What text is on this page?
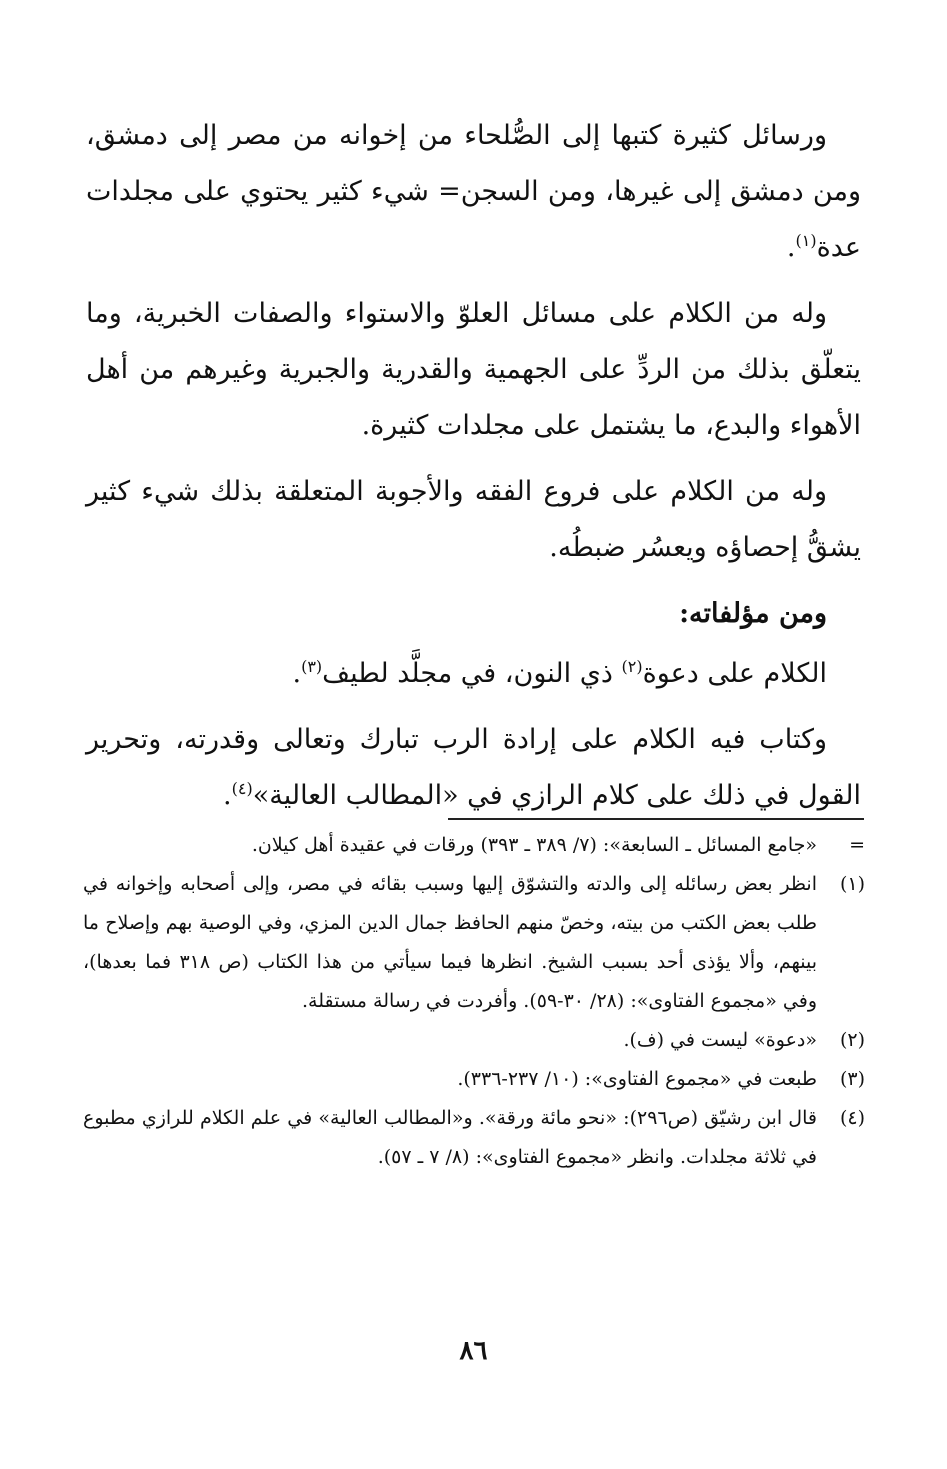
ورسائل كثيرة كتبها إلى الصُّلحاء من إخوانه من مصر إلى دمشق، ومن دمشق إلى غيرها، ومن السجن= شيء كثير يحتوي على مجلدات عدة$^{(١)}$.

وله من الكلام على مسائل العلوّ والاستواء والصفات الخبرية، وما يتعلّق بذلك من الردِّ على الجهمية والقدرية والجبرية وغيرهم من أهل الأهواء والبدع، ما يشتمل على مجلدات كثيرة.

وله من الكلام على فروع الفقه والأجوبة المتعلقة بذلك شيء كثير يشقُّ إحصاؤه ويعسُر ضبطُه.

ومن مؤلفاته:

الكلام على دعوة$^{(٢)}$ ذي النون، في مجلَّد لطيف$^{(٣)}$.

وكتاب فيه الكلام على إرادة الرب تبارك وتعالى وقدرته، وتحرير القول في ذلك على كلام الرازي في «المطالب العالية»$^{(٤)}$.

=
«جامع المسائل ـ السابعة»: (٧/ ٣٨٩ ـ ٣٩٣) ورقات في عقيدة أهل كيلان.

(١)
انظر بعض رسائله إلى والدته والتشوّق إليها وسبب بقائه في مصر، وإلى أصحابه وإخوانه في طلب بعض الكتب من بيته، وخصّ منهم الحافظ جمال الدين المزي، وفي الوصية بهم وإصلاح ما بينهم، وألا يؤذى أحد بسبب الشيخ. انظرها فيما سيأتي من هذا الكتاب (ص ٣١٨ فما بعدها)، وفي «مجموع الفتاوى»: (٢٨/ ٣٠-٥٩). وأفردت في رسالة مستقلة.

(٢)
«دعوة» ليست في (ف).

(٣)
طبعت في «مجموع الفتاوى»: (١٠/ ٢٣٧-٣٣٦).

(٤)
قال ابن رشيّق (ص٢٩٦): «نحو مائة ورقة». و«المطالب العالية» في علم الكلام للرازي مطبوع في ثلاثة مجلدات. وانظر «مجموع الفتاوى»: (٨/ ٧ ـ ٥٧).

٨٦
